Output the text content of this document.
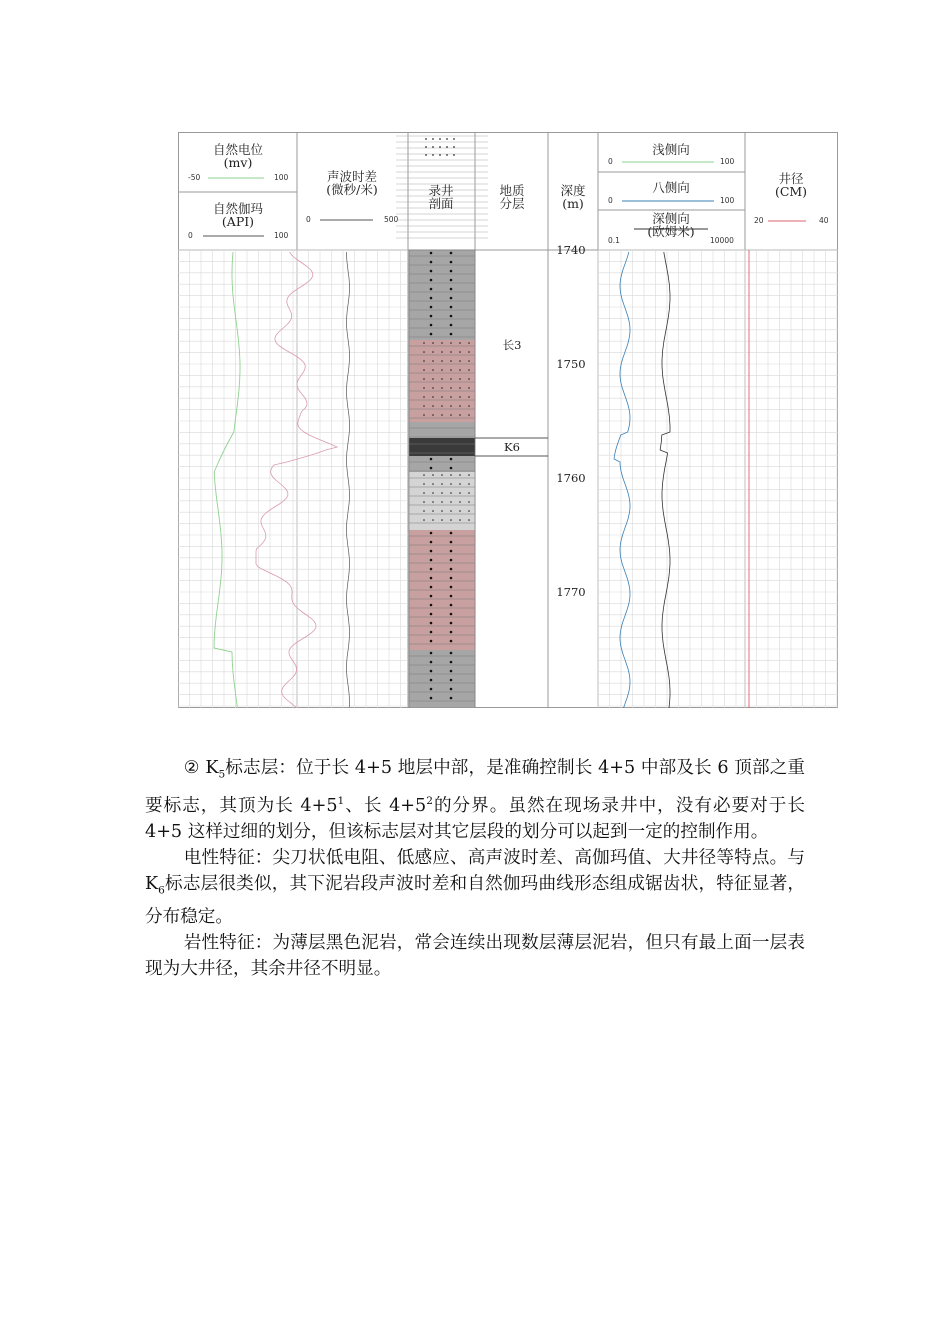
自然电位
(mv)
-50	100
自然伽玛
(API)
0	100
声波时差
(微秒/米)
0	500
录井
剖面
地质
分层
深度
(m)
浅侧向
0	100
八侧向
0	100
深侧向
(欧姆米)
0.1	10000
井径
(CM)
20	40
长3
K6
1740
1750
1760
1770

② $K_5$标志层：位于长 4+5 地层中部，是准确控制长 4+5 中部及长 6 顶部之重要标志，其顶为长 $4+5^1$、长 $4+5^2$的分界。虽然在现场录井中，没有必要对于长 4+5 这样过细的划分，但该标志层对其它层段的划分可以起到一定的控制作用。

电性特征：尖刀状低电阻、低感应、高声波时差、高伽玛值、大井径等特点。与 $K_6$标志层很类似，其下泥岩段声波时差和自然伽玛曲线形态组成锯齿状，特征显著，分布稳定。

岩性特征：为薄层黑色泥岩，常会连续出现数层薄层泥岩，但只有最上面一层表现为大井径，其余井径不明显。
